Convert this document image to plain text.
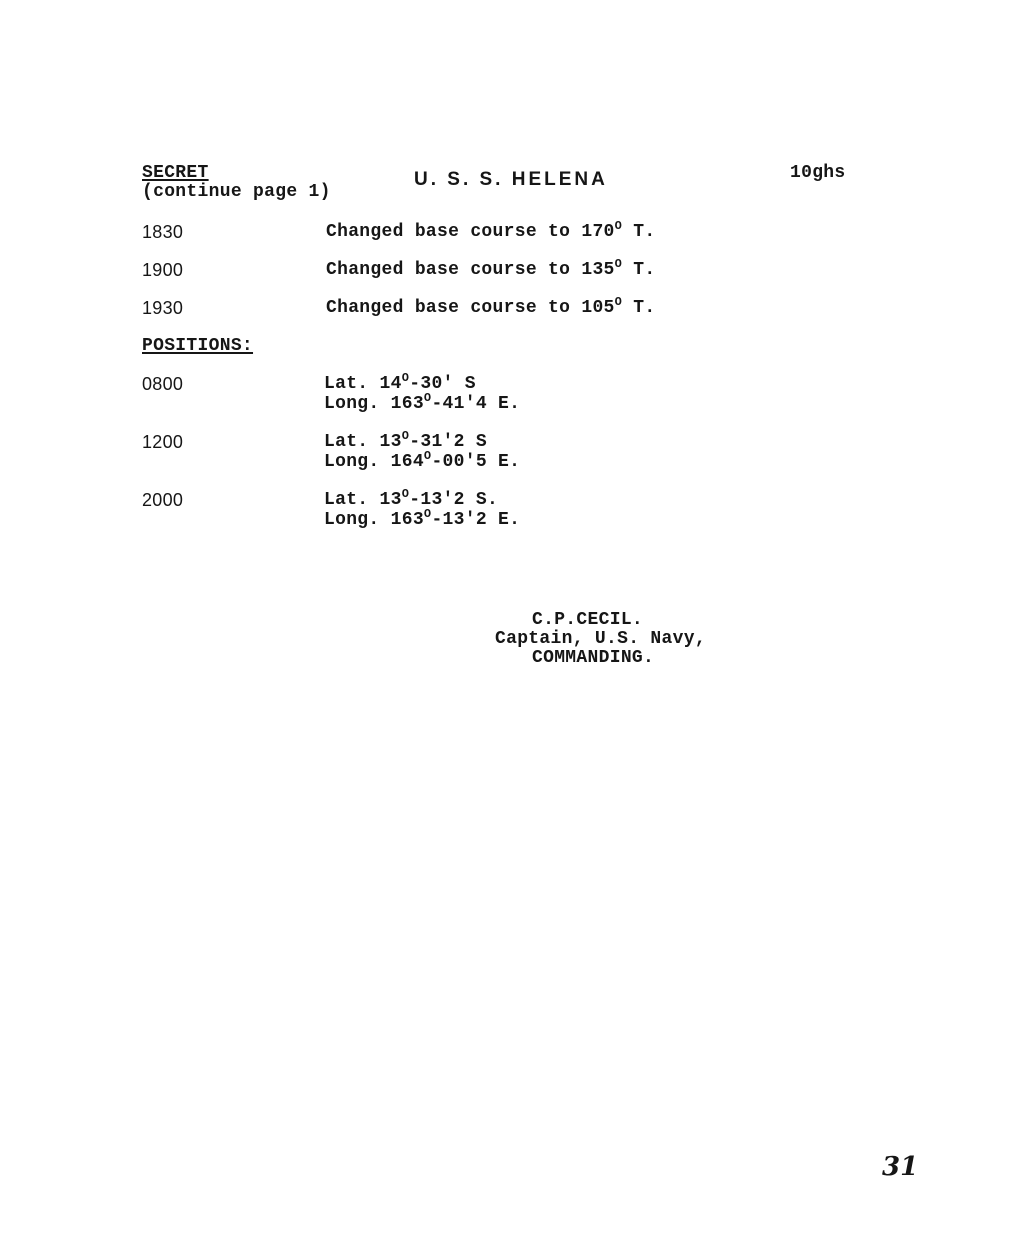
SECRET
(continue page 1)
U. S. S. HELENA	10ghs
1830	Changed base course to $170^O$ T.
1900	Changed base course to $135^O$ T.
1930	Changed base course to $105^O$ T.
POSITIONS:
0800	Lat. $14^O-30'$ S
Long. $163^O-41'4$ E.
1200	Lat. $13^O-31'2$ S
Long. $164^O-00'5$ E.
2000	Lat. $13^O-13'2$ S.
Long. $163^O-13'2$ E.
C.P.CECIL.
Captain, U.S. Navy,
COMMANDING.
31
